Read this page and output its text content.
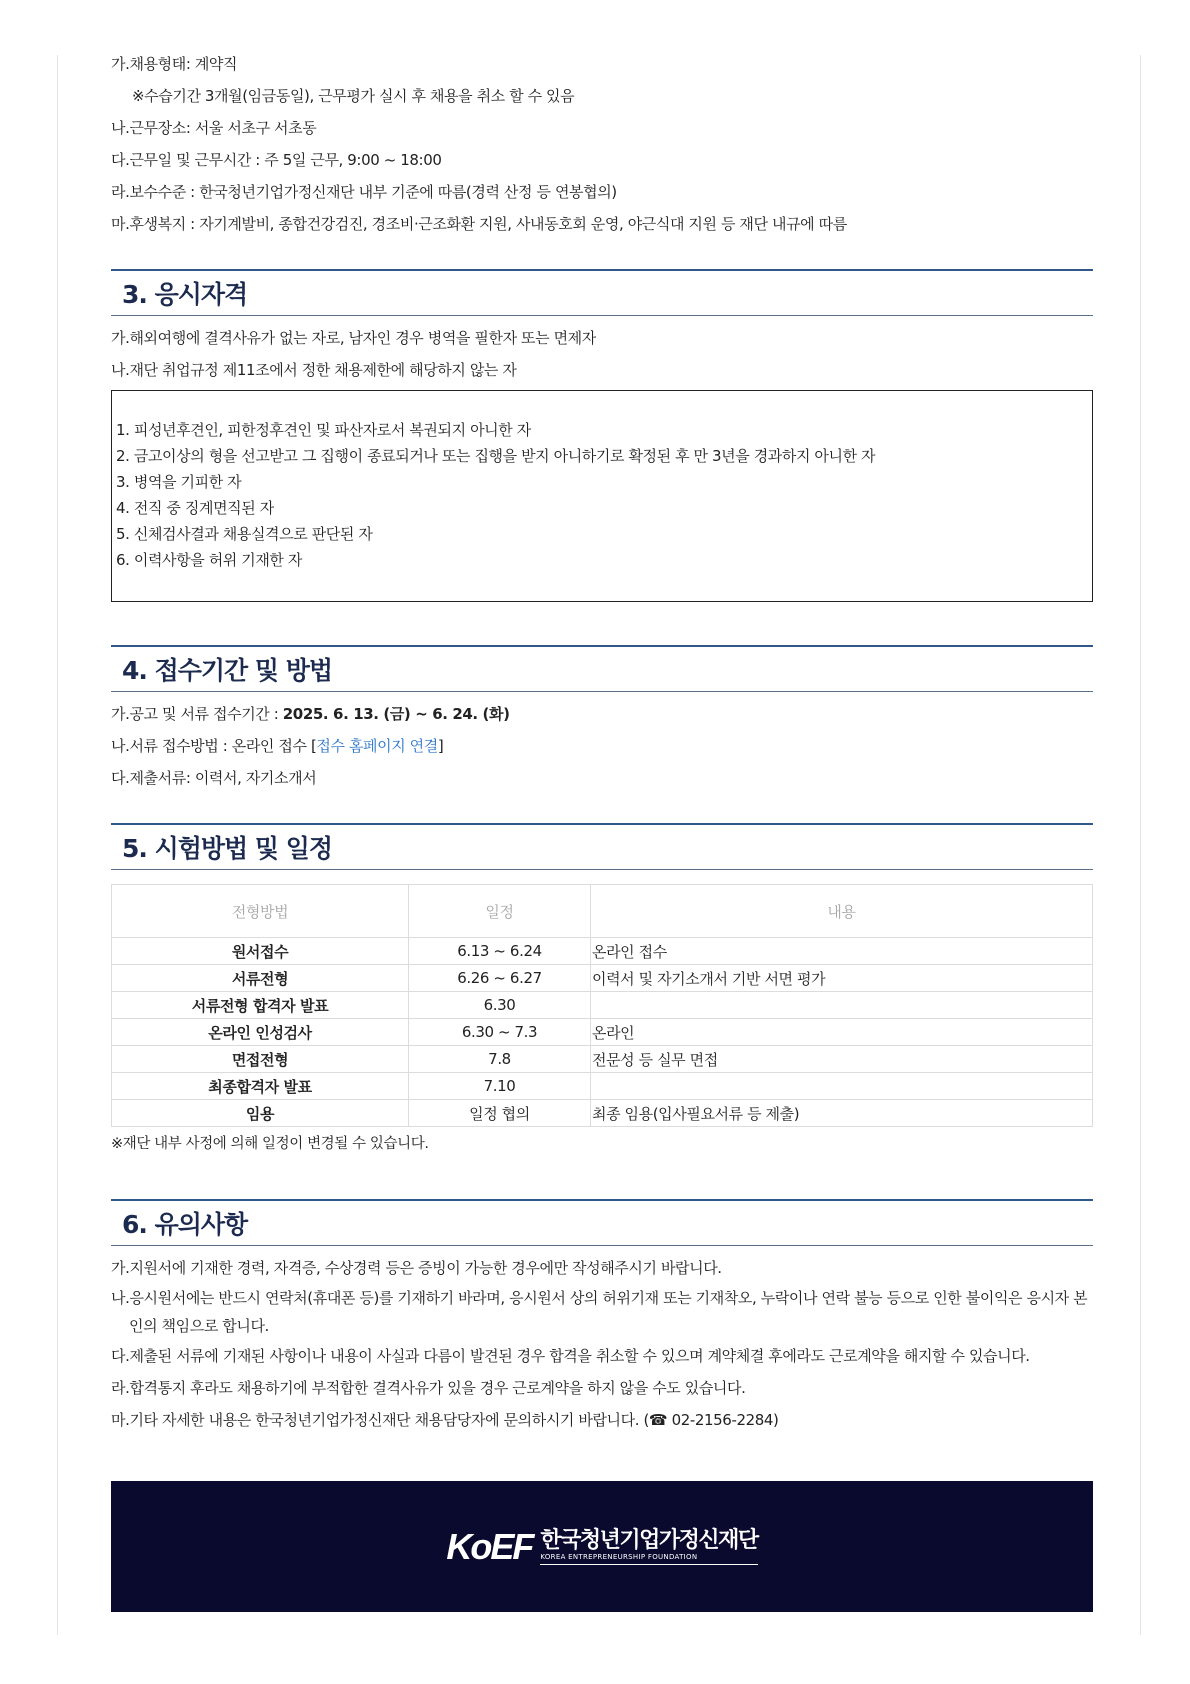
가.채용형태: 계약직
※수습기간 3개월(임금동일), 근무평가 실시 후 채용을 취소 할 수 있음
나.근무장소: 서울 서초구 서초동
다.근무일 및 근무시간 : 주 5일 근무, 9:00 ~ 18:00
라.보수수준 : 한국청년기업가정신재단 내부 기준에 따름(경력 산정 등 연봉협의)
마.후생복지 : 자기계발비, 종합건강검진, 경조비·근조화환 지원, 사내동호회 운영, 야근식대 지원 등 재단 내규에 따름
3. 응시자격
가.해외여행에 결격사유가 없는 자로, 남자인 경우 병역을 필한자 또는 면제자
나.재단 취업규정 제11조에서 정한 채용제한에 해당하지 않는 자
1. 피성년후견인, 피한정후견인 및 파산자로서 복권되지 아니한 자
2. 금고이상의 형을 선고받고 그 집행이 종료되거나 또는 집행을 받지 아니하기로 확정된 후 만 3년을 경과하지 아니한 자
3. 병역을 기피한 자
4. 전직 중 징계면직된 자
5. 신체검사결과 채용실격으로 판단된 자
6. 이력사항을 허위 기재한 자
4. 접수기간 및 방법
가.공고 및 서류 접수기간 : 2025. 6. 13. (금) ~ 6. 24. (화)
나.서류 접수방법 : 온라인 접수 [접수 홈페이지 연결]
다.제출서류: 이력서, 자기소개서
5. 시험방법 및 일정
전형방법	일정	내용
원서접수	6.13 ~ 6.24	온라인 접수
서류전형	6.26 ~ 6.27	이력서 및 자기소개서 기반 서면 평가
서류전형 합격자 발표	6.30	
온라인 인성검사	6.30 ~ 7.3	온라인
면접전형	7.8	전문성 등 실무 면접
최종합격자 발표	7.10	
임용	일정 협의	최종 임용(입사필요서류 등 제출)
※재단 내부 사정에 의해 일정이 변경될 수 있습니다.
6. 유의사항
가.지원서에 기재한 경력, 자격증, 수상경력 등은 증빙이 가능한 경우에만 작성해주시기 바랍니다.
나.응시원서에는 반드시 연락처(휴대폰 등)를 기재하기 바라며, 응시원서 상의 허위기재 또는 기재착오, 누락이나 연락 불능 등으로 인한 불이익은 응시자 본인의 책임으로 합니다.
다.제출된 서류에 기재된 사항이나 내용이 사실과 다름이 발견된 경우 합격을 취소할 수 있으며 계약체결 후에라도 근로계약을 해지할 수 있습니다.
라.합격통지 후라도 채용하기에 부적합한 결격사유가 있을 경우 근로계약을 하지 않을 수도 있습니다.
마.기타 자세한 내용은 한국청년기업가정신재단 채용담당자에 문의하시기 바랍니다. (☎ 02-2156-2284)
KoEF 한국청년기업가정신재단
KOREA ENTREPRENEURSHIP FOUNDATION
